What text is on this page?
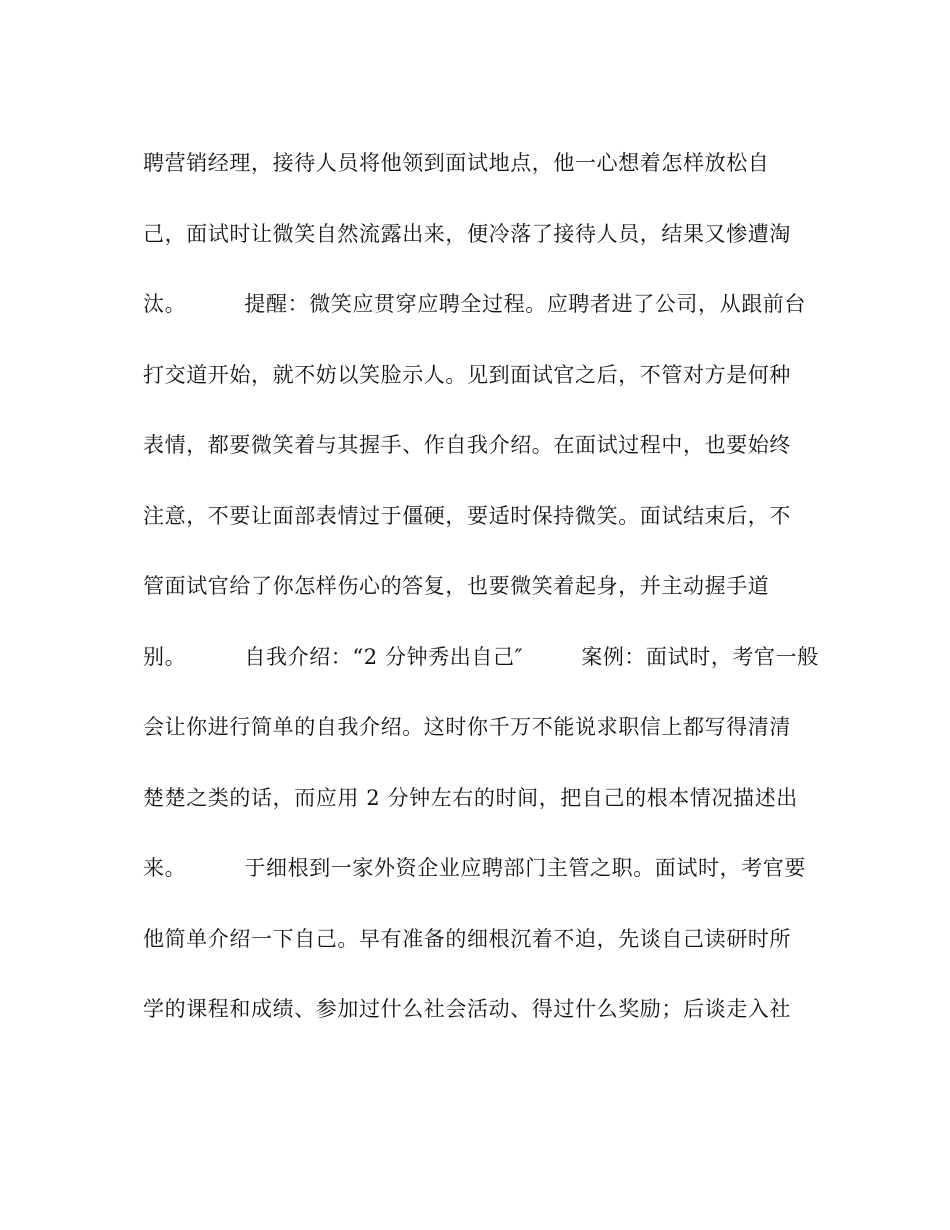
聘营销经理，接待人员将他领到面试地点，他一心想着怎样放松自
己，面试时让微笑自然流露出来，便冷落了接待人员，结果又惨遭淘
汰。        提醒：微笑应贯穿应聘全过程。应聘者进了公司，从跟前台
打交道开始，就不妨以笑脸示人。见到面试官之后，不管对方是何种
表情，都要微笑着与其握手、作自我介绍。在面试过程中，也要始终
注意，不要让面部表情过于僵硬，要适时保持微笑。面试结束后，不
管面试官给了你怎样伤心的答复，也要微笑着起身，并主动握手道
别。        自我介绍：“2 分钟秀出自己″        案例：面试时，考官一般
会让你进行简单的自我介绍。这时你千万不能说求职信上都写得清清
楚楚之类的话，而应用 2 分钟左右的时间，把自己的根本情况描述出
来。        于细根到一家外资企业应聘部门主管之职。面试时，考官要
他简单介绍一下自己。早有准备的细根沉着不迫，先谈自己读研时所
学的课程和成绩、参加过什么社会活动、得过什么奖励；后谈走入社
